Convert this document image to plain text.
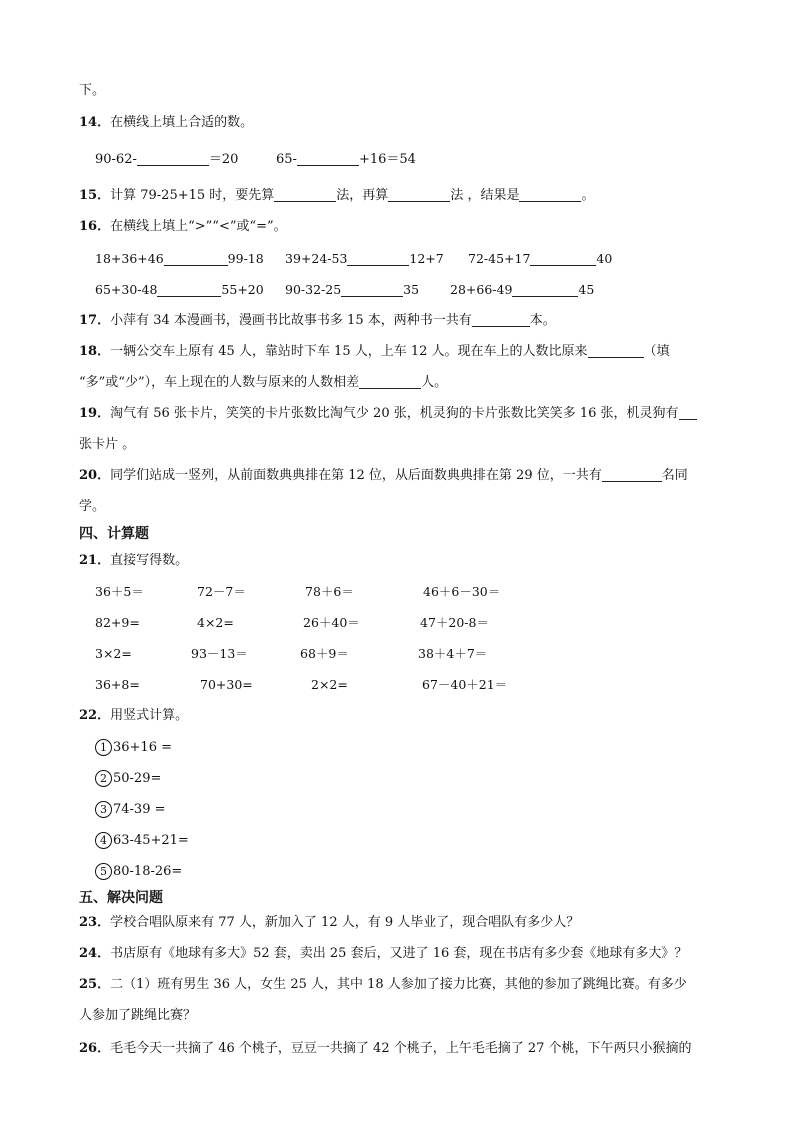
下。
14．在横线上填上合适的数。
90-62-	＝20	65-	+16＝54
15．计算 79-25+15 时，要先算	法，再算	法 ，结果是	。
16．在横线上填上“>”“<”或“=”。
18+36+46	99-18 39+24-53	12+7 72-45+17	40
65+30-48	55+20 90-32-25	35 28+66-49	45
17．小萍有 34 本漫画书，漫画书比故事书多 15 本，两种书一共有	本。
18．一辆公交车上原有 45 人，靠站时下车 15 人，上车 12 人。现在车上的人数比原来	（填
“多”或“少”），车上现在的人数与原来的人数相差	人。
19．淘气有 56 张卡片，笑笑的卡片张数比淘气少 20 张，机灵狗的卡片张数比笑笑多 16 张，机灵狗有
张卡片 。
20．同学们站成一竖列，从前面数典典排在第 12 位，从后面数典典排在第 29 位，一共有	名同
学。
四、计算题
21．直接写得数。
36＋5＝	72－7＝	78＋6＝	46＋6－30＝
82+9=	4×2=	26＋40＝	47＋20-8＝
3×2=	93－13＝	68＋9＝	38＋4＋7＝
36+8=	70+30=	2×2=	67－40＋21＝
22．用竖式计算。
1 36+16 =
2 50-29=
3 74-39 =
4 63-45+21=
5 80-18-26=
五、解决问题
23．学校合唱队原来有 77 人，新加入了 12 人，有 9 人毕业了，现合唱队有多少人？
24．书店原有《地球有多大》52 套，卖出 25 套后，又进了 16 套，现在书店有多少套《地球有多大》？
25．二（1）班有男生 36 人，女生 25 人，其中 18 人参加了接力比赛，其他的参加了跳绳比赛。有多少
人参加了跳绳比赛？
26．毛毛今天一共摘了 46 个桃子，豆豆一共摘了 42 个桃子，上午毛毛摘了 27 个桃，下午两只小猴摘的
